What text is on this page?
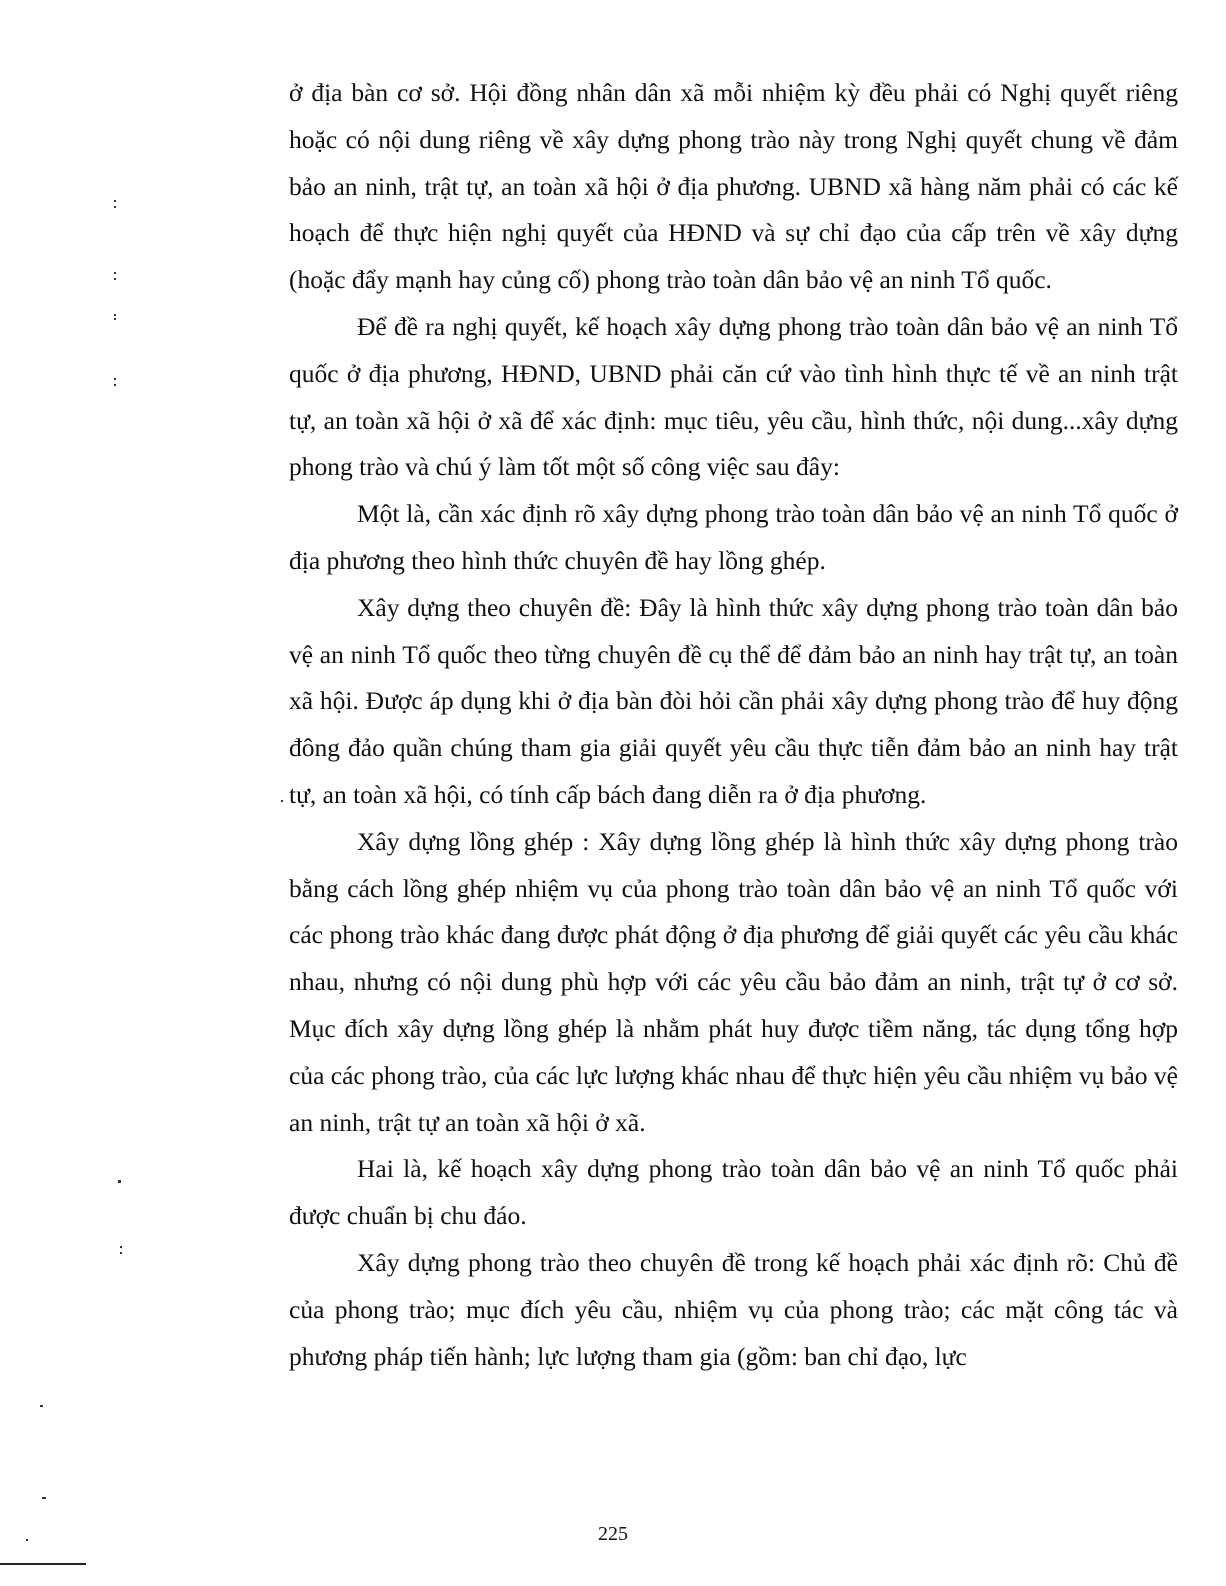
ở địa bàn cơ sở. Hội đồng nhân dân xã mỗi nhiệm kỳ đều phải có Nghị quyết riêng hoặc có nội dung riêng về xây dựng phong trào này trong Nghị quyết chung về đảm bảo an ninh, trật tự, an toàn xã hội ở địa phương. UBND xã hàng năm phải có các kế hoạch để thực hiện nghị quyết của HĐND và sự chỉ đạo của cấp trên về xây dựng (hoặc đẩy mạnh hay củng cố) phong trào toàn dân bảo vệ an ninh Tổ quốc.

Để đề ra nghị quyết, kế hoạch xây dựng phong trào toàn dân bảo vệ an ninh Tổ quốc ở địa phương, HĐND, UBND phải căn cứ vào tình hình thực tế về an ninh trật tự, an toàn xã hội ở xã để xác định: mục tiêu, yêu cầu, hình thức, nội dung...xây dựng phong trào và chú ý làm tốt một số công việc sau đây:

Một là, cần xác định rõ xây dựng phong trào toàn dân bảo vệ an ninh Tổ quốc ở địa phương theo hình thức chuyên đề hay lồng ghép.

Xây dựng theo chuyên đề: Đây là hình thức xây dựng phong trào toàn dân bảo vệ an ninh Tổ quốc theo từng chuyên đề cụ thể để đảm bảo an ninh hay trật tự, an toàn xã hội. Được áp dụng khi ở địa bàn đòi hỏi cần phải xây dựng phong trào để huy động đông đảo quần chúng tham gia giải quyết yêu cầu thực tiễn đảm bảo an ninh hay trật tự, an toàn xã hội, có tính cấp bách đang diễn ra ở địa phương.

Xây dựng lồng ghép : Xây dựng lồng ghép là hình thức xây dựng phong trào bằng cách lồng ghép nhiệm vụ của phong trào toàn dân bảo vệ an ninh Tổ quốc với các phong trào khác đang được phát động ở địa phương để giải quyết các yêu cầu khác nhau, nhưng có nội dung phù hợp với các yêu cầu bảo đảm an ninh, trật tự ở cơ sở. Mục đích xây dựng lồng ghép là nhằm phát huy được tiềm năng, tác dụng tổng hợp của các phong trào, của các lực lượng khác nhau để thực hiện yêu cầu nhiệm vụ bảo vệ an ninh, trật tự an toàn xã hội ở xã.

Hai là, kế hoạch xây dựng phong trào toàn dân bảo vệ an ninh Tổ quốc phải được chuẩn bị chu đáo.

Xây dựng phong trào theo chuyên đề trong kế hoạch phải xác định rõ: Chủ đề của phong trào; mục đích yêu cầu, nhiệm vụ của phong trào; các mặt công tác và phương pháp tiến hành; lực lượng tham gia (gồm: ban chỉ đạo, lực

225
